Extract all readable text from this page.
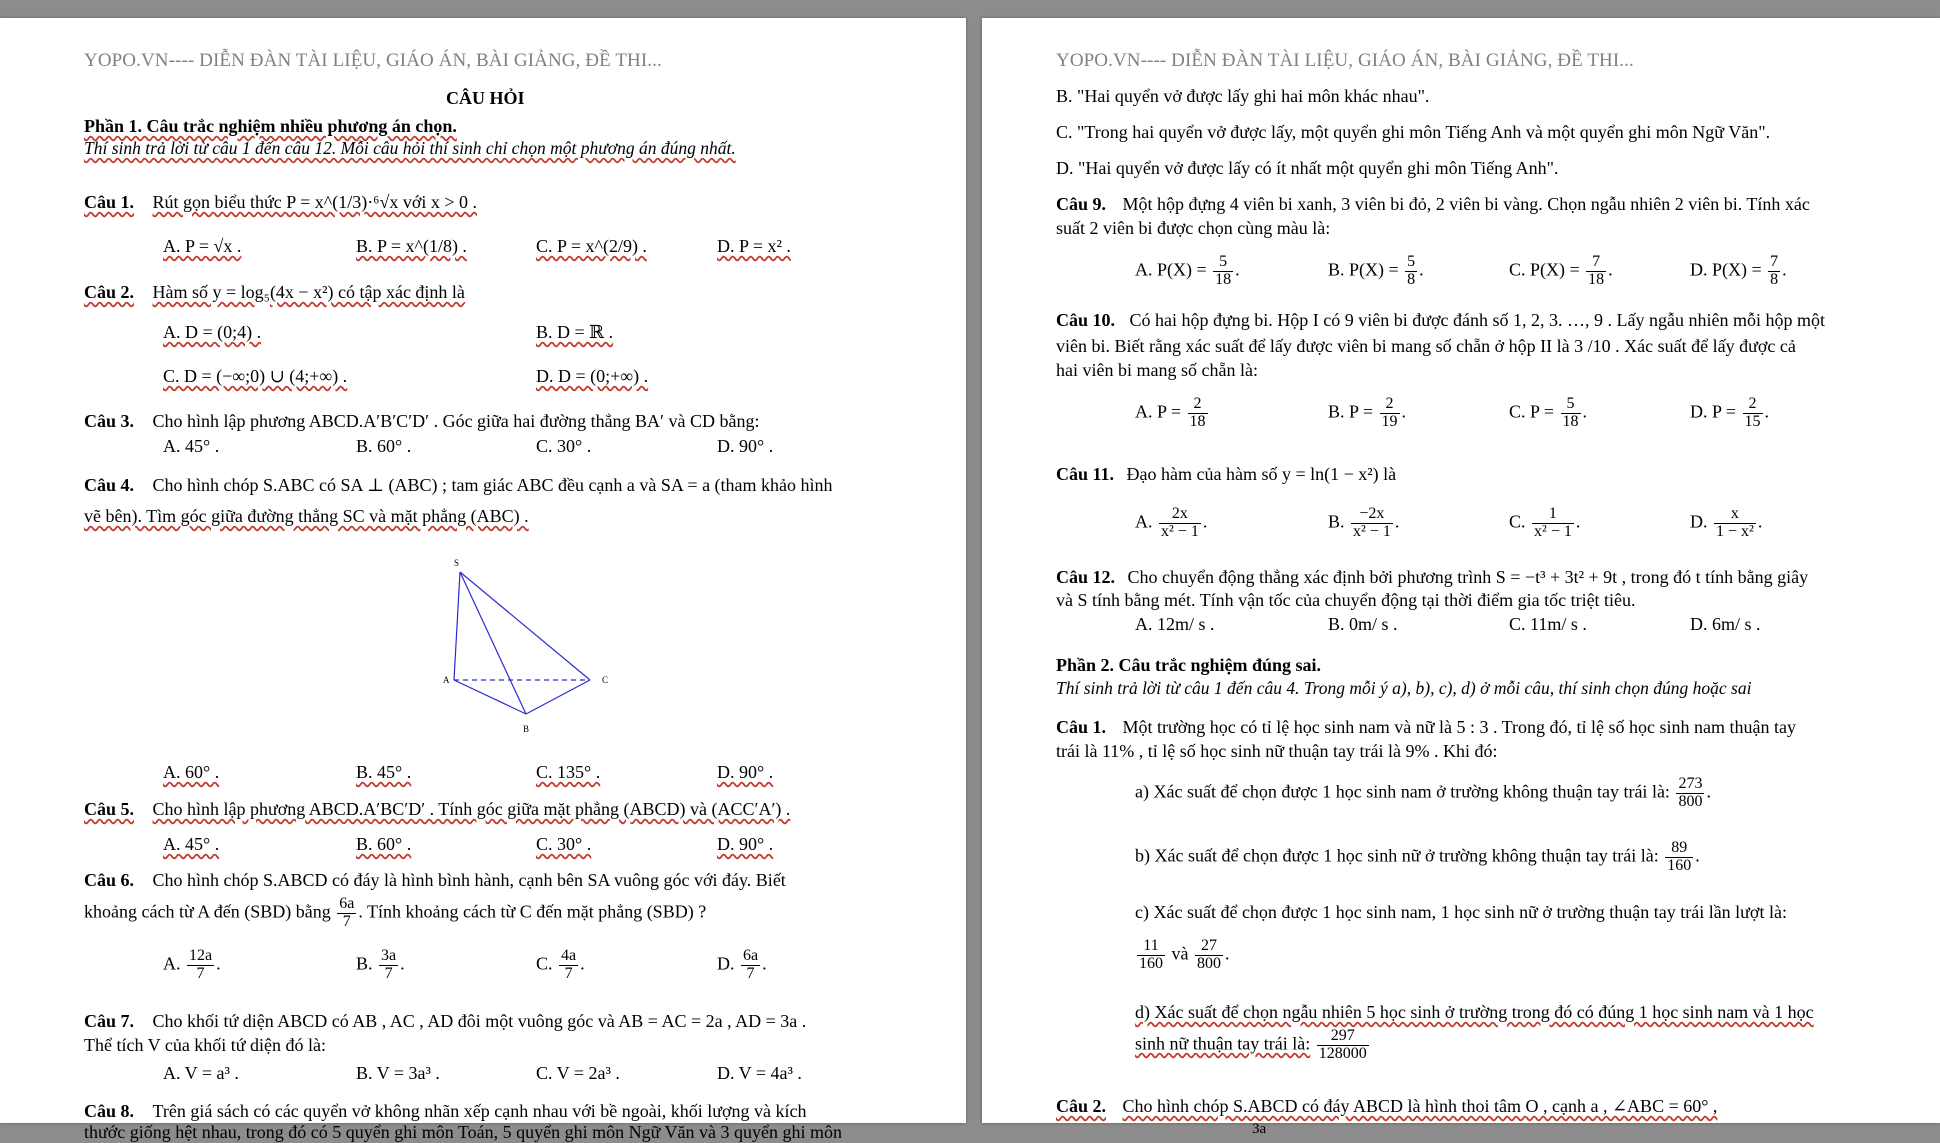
YOPO.VN---- DIỄN ĐÀN TÀI LIỆU, GIÁO ÁN, BÀI GIẢNG, ĐỀ THI...
CÂU HỎI
Phần 1. Câu trắc nghiệm nhiều phương án chọn.
Thí sinh trả lời từ câu 1 đến câu 12. Mỗi câu hỏi thí sinh chỉ chọn một phương án đúng nhất.
Câu 1. Rút gọn biểu thức P = x^(1/3)·⁶√x với x > 0 .
A. P = √x .	B. P = x^(1/8) .	C. P = x^(2/9) .	D. P = x² .
Câu 2. Hàm số y = log₅(4x − x²) có tập xác định là
A. D = (0;4) .	B. D = ℝ .
C. D = (−∞;0) ∪ (4;+∞) .	D. D = (0;+∞) .
Câu 3. Cho hình lập phương ABCD.A′B′C′D′ . Góc giữa hai đường thẳng BA′ và CD bằng:
A. 45° .	B. 60° .	C. 30° .	D. 90° .
Câu 4. Cho hình chóp S.ABC có SA ⊥ (ABC) ; tam giác ABC đều cạnh a và SA = a (tham khảo hình
vẽ bên). Tìm góc giữa đường thẳng SC và mặt phẳng (ABC) .
S
A
B
C
A. 60° .	B. 45° .	C. 135° .	D. 90° .
Câu 5. Cho hình lập phương ABCD.A′BC′D′ . Tính góc giữa mặt phẳng (ABCD) và (ACC′A′) .
A. 45° .	B. 60° .	C. 30° .	D. 90° .
Câu 6. Cho hình chóp S.ABCD có đáy là hình bình hành, cạnh bên SA vuông góc với đáy. Biết
khoảng cách từ A đến (SBD) bằng $\frac{6a}{7}$ . Tính khoảng cách từ C đến mặt phẳng (SBD) ?
A. $\frac{12a}{7}$ .	B. $\frac{3a}{7}$ .	C. $\frac{4a}{7}$ .	D. $\frac{6a}{7}$ .
Câu 7. Cho khối tứ diện ABCD có AB , AC , AD đôi một vuông góc và AB = AC = 2a , AD = 3a .
Thể tích V của khối tứ diện đó là:
A. V = a³ .	B. V = 3a³ .	C. V = 2a³ .	D. V = 4a³ .
Câu 8. Trên giá sách có các quyển vở không nhãn xếp cạnh nhau với bề ngoài, khối lượng và kích
thước giống hệt nhau, trong đó có 5 quyển ghi môn Toán, 5 quyển ghi môn Ngữ Văn và 3 quyển ghi môn
YOPO.VN---- DIỄN ĐÀN TÀI LIỆU, GIÁO ÁN, BÀI GIẢNG, ĐỀ THI...
B. "Hai quyển vở được lấy ghi hai môn khác nhau".
C. "Trong hai quyển vở được lấy, một quyển ghi môn Tiếng Anh và một quyển ghi môn Ngữ Văn".
D. "Hai quyển vở được lấy có ít nhất một quyển ghi môn Tiếng Anh".
Câu 9. Một hộp đựng 4 viên bi xanh, 3 viên bi đỏ, 2 viên bi vàng. Chọn ngẫu nhiên 2 viên bi. Tính xác
suất 2 viên bi được chọn cùng màu là:
A. $P(X) = \frac{5}{18}$ .	B. $P(X) = \frac{5}{8}$ .	C. $P(X) = \frac{7}{18}$ .	D. $P(X) = \frac{7}{8}$ .
Câu 10. Có hai hộp đựng bi. Hộp I có 9 viên bi được đánh số 1, 2, 3. …, 9 . Lấy ngẫu nhiên mỗi hộp một
viên bi. Biết rằng xác suất để lấy được viên bi mang số chẵn ở hộp II là 3 /10 . Xác suất để lấy được cả
hai viên bi mang số chẵn là:
A. $P = \frac{2}{18}$	B. $P = \frac{2}{19}$ .	C. $P = \frac{5}{18}$ .	D. $P = \frac{2}{15}$ .
Câu 11. Đạo hàm của hàm số y = ln(1 − x²) là
A. $\frac{2x}{\text{x² − 1}}$ .	B. $\frac{-2x}{\text{x² − 1}}$ .	C. $\frac{1}{\text{x² − 1}}$ .	D. $\frac{x}{\text{1 − x²}}$ .
Câu 12. Cho chuyển động thẳng xác định bởi phương trình S = −t³ + 3t² + 9t , trong đó t tính bằng giây
và S tính bằng mét. Tính vận tốc của chuyển động tại thời điểm gia tốc triệt tiêu.
A. 12m/ s .	B. 0m/ s .	C. 11m/ s .	D. 6m/ s .
Phần 2. Câu trắc nghiệm đúng sai.
Thí sinh trả lời từ câu 1 đến câu 4. Trong mỗi ý a), b), c), d) ở mỗi câu, thí sinh chọn đúng hoặc sai
Câu 1. Một trường học có tỉ lệ học sinh nam và nữ là 5 : 3 . Trong đó, tỉ lệ số học sinh nam thuận tay
trái là 11% , tỉ lệ số học sinh nữ thuận tay trái là 9% . Khi đó:
a) Xác suất để chọn được 1 học sinh nam ở trường không thuận tay trái là: $\frac{273}{800}$ .
b) Xác suất để chọn được 1 học sinh nữ ở trường không thuận tay trái là: $\frac{89}{160}$ .
c) Xác suất để chọn được 1 học sinh nam, 1 học sinh nữ ở trường thuận tay trái lần lượt là:
$\frac{11}{160}$ và $\frac{27}{800}$ .
d) Xác suất để chọn ngẫu nhiên 5 học sinh ở trường trong đó có đúng 1 học sinh nam và 1 học
sinh nữ thuận tay trái là: $\frac{297}{128000}$
Câu 2. Cho hình chóp S.ABCD có đáy ABCD là hình thoi tâm O , cạnh a , ∠ABC = 60° ,
3a
